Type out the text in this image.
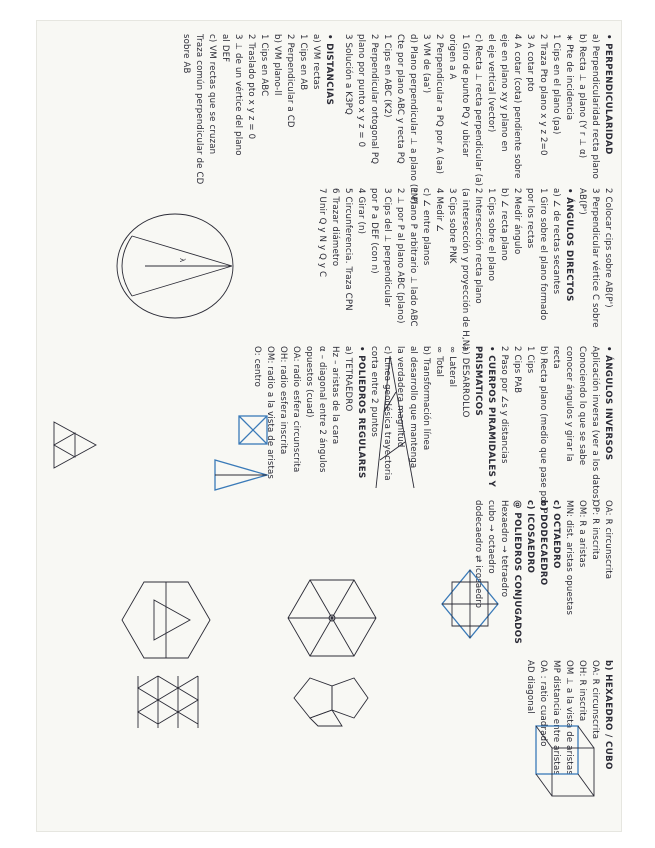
• PERPENDICULARIDAD
a) Perpendicularidad recta plano
b) Recta ⊥ a plano (Y r ⊥ α)
∗ Pte de incidencia
1 Cips en el plano (pa)
2 Traza Pto plano x y z 2=0
3 A cotar pto
4 A cotar (cota) pendiente sobre
eje en plano xy y plano en
el eje vertical (vector)
c) Recta ⊥ recta perpendicular (a)
1 Giro de punto PQ y ubicar
origen a A
2 Perpendicular a PQ por A (aa)
3 VM de (aa')
d) Plano perpendicular ⊥ a plano (PM)
Cte por plano ABC y recta PQ
1 Cips en ABC (K2)
2 Perpendicular ortogonal PQ
plano por punto x y z = 0
3 Solución a K3PQ
• DISTANCIAS
a) VM rectas
1 Cips en AB
2 Perpendicular a CD
b) VM plano-ll
1 Cips en ABC
2 Traslado pto x y z = 0
3 ⊥ de un vértice del plano
al DEF
c) VM rectas que se cruzan
Traza común perpendicular de CD
sobre AB
2 Colocar cips sobre AB(P')
3 Perpendicular vértice C sobre
AB(P')
• ÁNGULOS DIRECTOS
a) ∠ de rectas secantes
1 Giro sobre el plano formado
por los rectas
2 Medir ángulo
b) ∠ recta plano
1 Cips sobre el plano
2 Intersección recta plano
(a intersección y proyección de H,N)
3 Cips sobre PNK
4 Medir ∠
c) ∠ entre planos
1 Plano P arbitrario ⊥ lado ABC
2 ⊥ por P al plano ABC (plano)
3 Cips del ⊥ perpendicular
por P a DEF (con n)
4 Girar (n)
5 Circunferencia. Traza CPN
6 Trazar diámetro
7 Unir Q y N y Q y C
• ÁNGULOS INVERSOS
Aplicación inversa (ver a los datos)
Conociendo lo que se sabe
conocer ángulos y girar la
recta
b) Recta plano (medio que pase por P
1 Cips
2 Cips PAB
2 Paso por ∠s y distancias
• CUERPOS PIRAMIDALES Y
PRISMATICOS
a) DESARROLLO
∞ Lateral
∞ Total
b) Transformación línea
al desarrollo que mantenga
la verdadera magnitud
c) Línea geodésica trayectoria
corta entre 2 puntos
• POLIEDROS REGULARES
a) TETRAEDRO
Hz – aristas de la cara
α – diagonal entre 2 ángulos
opuestos (cuad)
OA: radio esfera circunscrita
OH: radio esfera inscrita
OM: radio a la vista de aristas
O: centro
OA: R circunscrita
OP: R inscrita
OM: R a aristas
MN: dist. aristas opuestas
c) OCTAEDRO
b) DODECAEDRO
c) ICOSAEDRO
@ POLIEDROS CONJUGADOS
Hexaedro → tetraedro
cubo → octaedro
dodecaedro ⇄ icosaedro
b) HEXAEDRO / CUBO
OA: R circunscrita
OH: R inscrita
OM ⊥ a la vista de aristas
MP distancia entre aristas
OA : ratio cuadrado
AD diagonal
λ
